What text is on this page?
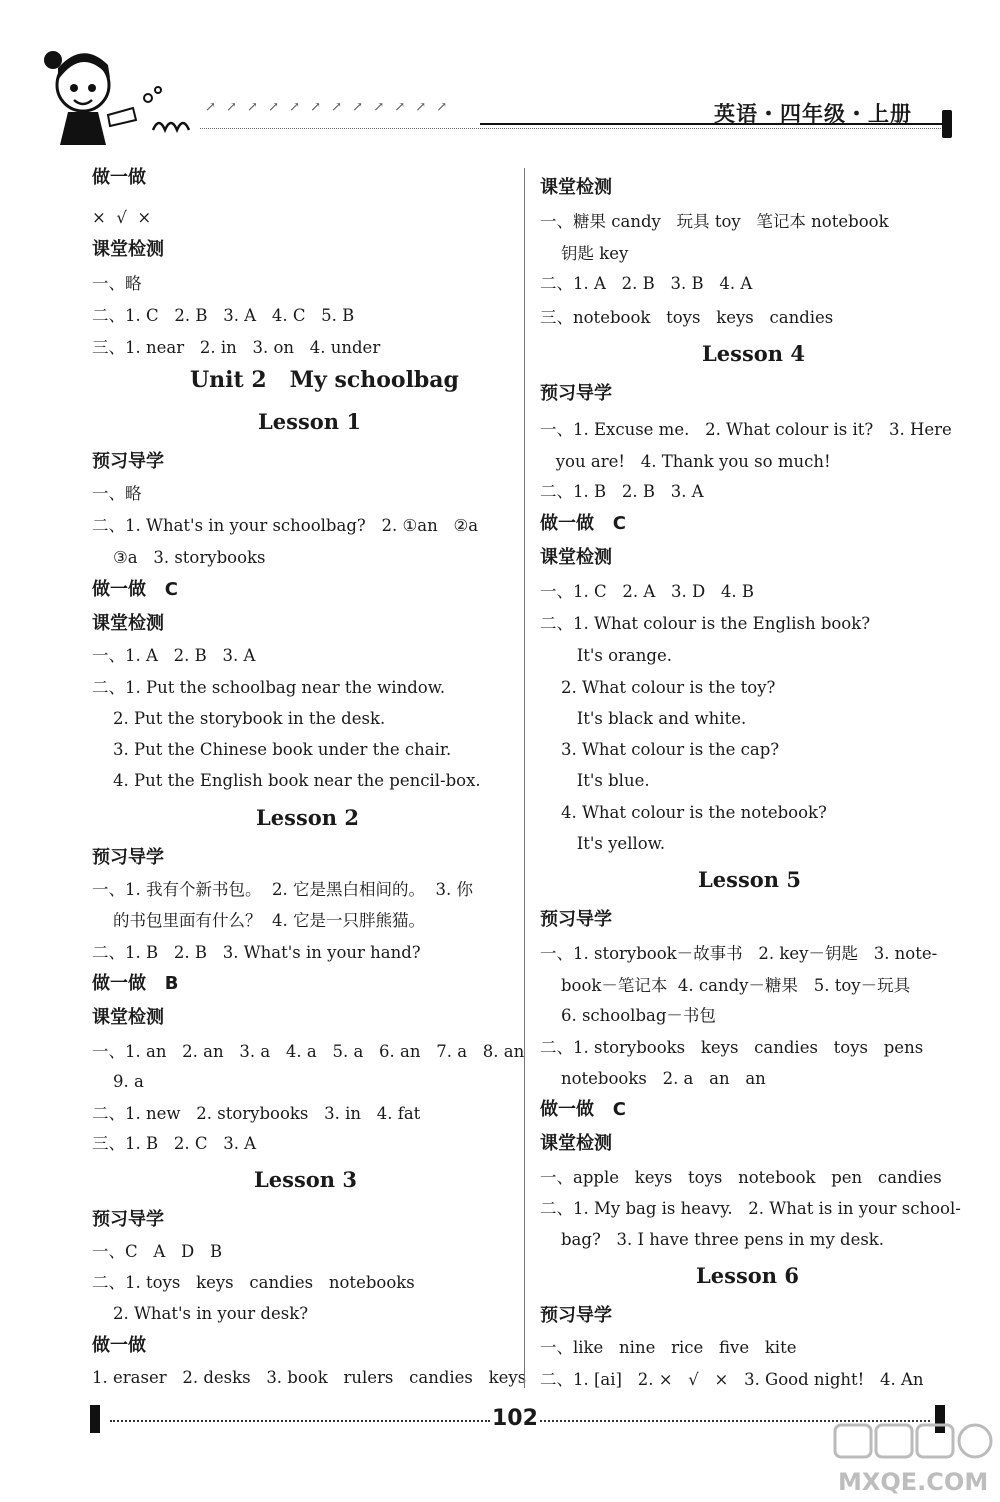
↗ ↗ ↗ ↗ ↗ ↗ ↗ ↗ ↗ ↗ ↗ ↗	英语・四年级・上册
做一做
×  √  ×
课堂检测
一、略
二、1. C   2. B   3. A   4. C   5. B
三、1. near   2. in   3. on   4. under
Unit 2   My schoolbag
Lesson 1
预习导学
一、略
二、1. What's in your schoolbag?   2. ①an   ②a
③a   3. storybooks
做一做   C
课堂检测
一、1. A   2. B   3. A
二、1. Put the schoolbag near the window.
2. Put the storybook in the desk.
3. Put the Chinese book under the chair.
4. Put the English book near the pencil-box.
Lesson 2
预习导学
一、1. 我有个新书包。  2. 它是黑白相间的。  3. 你
的书包里面有什么？  4. 它是一只胖熊猫。
二、1. B   2. B   3. What's in your hand?
做一做   B
课堂检测
一、1. an   2. an   3. a   4. a   5. a   6. an   7. a   8. an
9. a
二、1. new   2. storybooks   3. in   4. fat
三、1. B   2. C   3. A
Lesson 3
预习导学
一、C   A   D   B
二、1. toys   keys   candies   notebooks
2. What's in your desk?
做一做
1. eraser   2. desks   3. book   rulers   candies   keys
课堂检测
一、糖果 candy   玩具 toy   笔记本 notebook
钥匙 key
二、1. A   2. B   3. B   4. A
三、notebook   toys   keys   candies
Lesson 4
预习导学
一、1. Excuse me.   2. What colour is it?   3. Here
you are!   4. Thank you so much!
二、1. B   2. B   3. A
做一做   C
课堂检测
一、1. C   2. A   3. D   4. B
二、1. What colour is the English book?
It's orange.
2. What colour is the toy?
It's black and white.
3. What colour is the cap?
It's blue.
4. What colour is the notebook?
It's yellow.
Lesson 5
预习导学
一、1. storybook－故事书   2. key－钥匙   3. note-
book－笔记本  4. candy－糖果   5. toy－玩具
6. schoolbag－书包
二、1. storybooks   keys   candies   toys   pens
notebooks   2. a   an   an
做一做   C
课堂检测
一、apple   keys   toys   notebook   pen   candies
二、1. My bag is heavy.   2. What is in your school-
bag?   3. I have three pens in my desk.
Lesson 6
预习导学
一、like   nine   rice   five   kite
二、1. [ai]   2. ×   √   ×   3. Good night!   4. An
102
MXQE.COM
